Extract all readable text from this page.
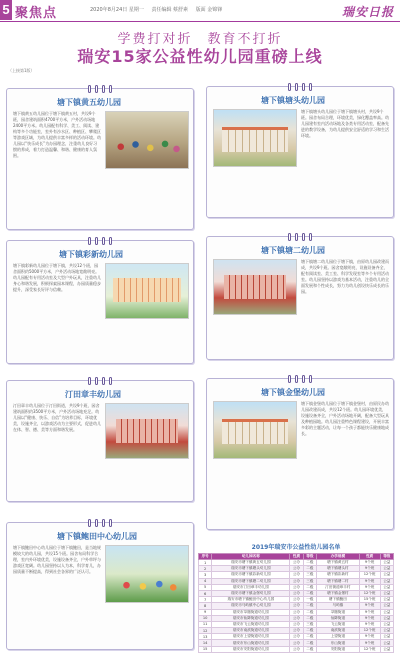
5 聚焦点	2020年8月24日 星期一 责任编辑 蔡舒素 版面 金锦锋	瑞安日报
学费打对折　教育不打折
瑞安15家公益性幼儿园重磅上线
（上接第1版）
塘下镇黄五幼儿园
塘下镇黄五幼儿园位于塘下镇黄五村，共设9个班，园舍建筑面积4700平方米，户外活动场地2400平方米。幼儿园配有科学、美工、阅读、建构等多个功能室，室外有沙水区、种植区、攀爬区等游戏区域，为幼儿提供丰富多样的活动环境。幼儿园以“快乐成长”为办园理念，注重幼儿良好习惯的养成，着力打造温馨、和谐、健康的育人氛围。
塘下镇塘头幼儿园
塘下镇塘头幼儿园位于塘下镇塘头村，共设9个班。园舍布局合理，环境优美，绿化覆盖率高。幼儿园建有室内活动场地及各类专用活动室，配备先进的教学设备，为幼儿提供安全舒适的学习和生活环境。
塘下镇彩新幼儿园
塘下镇彩新幼儿园位于塘下镇，共设12个班，园舍面积约5000平方米，户外活动场地宽敞明亮。幼儿园配有专用活动室及大型户外玩具，注重幼儿身心和谐发展，积极探索园本课程，办园质量稳步提升，深受家长好评与信赖。
塘下镇塘二幼儿园
塘下镇塘二幼儿园位于塘下镇，由原幼儿园改建而成，共设9个班。园舍宽敞明亮，设施设备齐全，配有阅读室、美工室、科学发现室等多个专用活动室。幼儿园坚持以游戏为基本活动，注重幼儿的全面发展和个性成长，努力为幼儿创设快乐成长的乐园。
汀田章丰幼儿园
汀田章丰幼儿园位于汀田街道，共设9个班，园舍建筑面积约3500平方米，户外活动场地充足。幼儿园以“健康、快乐、自信”为培养目标，环境优美，设施齐全，以游戏活动为主要形式，促进幼儿在体、智、德、美等方面和谐发展。
塘下镇金堡幼儿园
塘下镇金堡幼儿园位于塘下镇金堡村，由原民办幼儿园改建而成，共设12个班。幼儿园环境优美，设施设备齐全，户外活动场地开阔，配备大型玩具及种植园地。幼儿园注重特色课程建设，开展丰富多彩的主题活动，让每一个孩子都能快乐健康地成长。
塘下镇鲍田中心幼儿园
塘下镇鲍田中心幼儿园位于塘下镇鲍田，是当地规模较大的幼儿园，共设15个班。园舍布局科学合理，室内外环境优美，设施设备齐全，户外草坪与游戏区宽阔。幼儿园坚持以人为本，科学育儿，办园质量不断提高，得到社会各界的广泛认可。
2019年瑞安市公益性幼儿园名单
序号	幼儿园名称	性质	等级	办学规模	性质	等级
1	瑞安市塘下镇黄五幼儿园	公办	二级	塘下镇黄五村	9个班	公益
2	瑞安市塘下镇塘头幼儿园	公办	二级	塘下镇塘头村	9个班	公益
3	瑞安市塘下镇彩新幼儿园	公办	三级	塘下镇彩新村	12个班	公益
4	瑞安市塘下镇塘二幼儿园	公办	三级	塘下镇塘二村	9个班	公益
5	瑞安市汀田章丰幼儿园	公办	二级	汀田街道章丰村	9个班	公益
6	瑞安市塘下镇金堡幼儿园	公办	二级	塘下镇金堡村	12个班	公益
7	瑞安市塘下镇鲍田中心幼儿园	公办	一级	塘下镇鲍田	15个班	公益
8	瑞安市马屿镇中心幼儿园	公办	二级	马屿镇	9个班	公益
9	瑞安市莘塍街道幼儿园	公办	二级	莘塍街道	9个班	公益
10	瑞安市仙降街道幼儿园	公办	二级	仙降街道	9个班	公益
11	瑞安市飞云街道幼儿园	公办	三级	飞云街道	9个班	公益
12	瑞安市南滨街道幼儿园	公办	二级	南滨街道	12个班	公益
13	瑞安市上望街道幼儿园	公办	二级	上望街道	9个班	公益
14	瑞安市东山街道幼儿园	公办	二级	东山街道	9个班	公益
15	瑞安市安阳街道幼儿园	公办	二级	安阳街道	12个班	公益
